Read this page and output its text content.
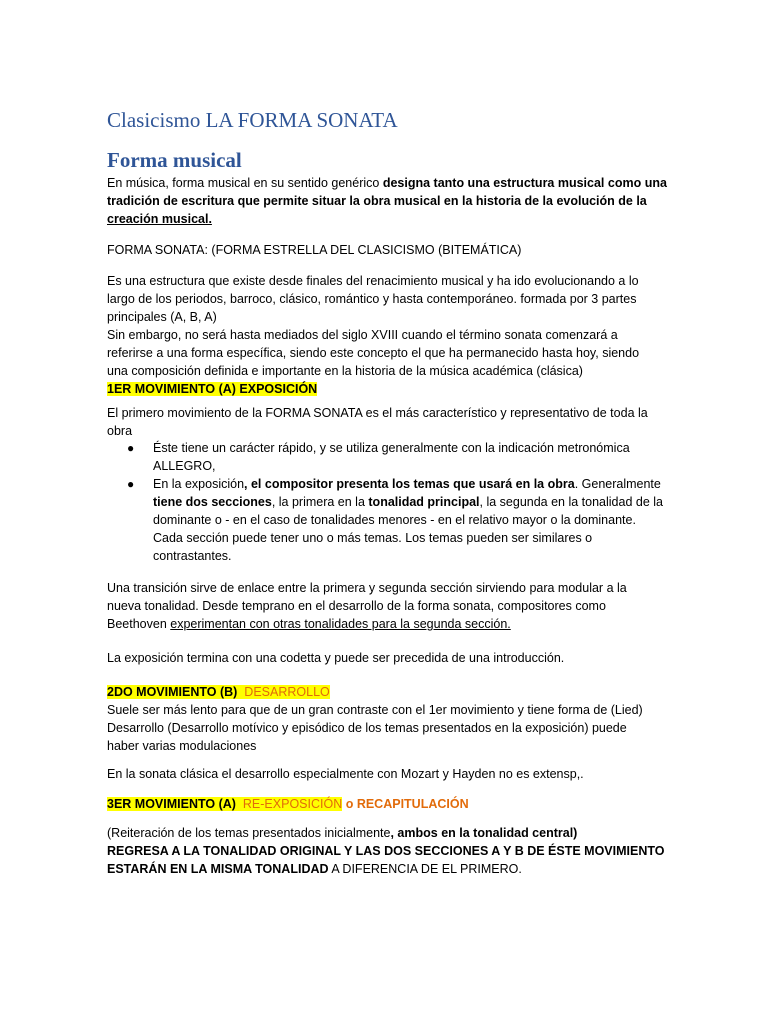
Clasicismo LA FORMA SONATA
Forma musical
En música, forma musical en su sentido genérico designa tanto una estructura musical como una
tradición de escritura que permite situar la obra musical en la historia de la evolución de la
creación musical.
FORMA SONATA: (FORMA ESTRELLA DEL CLASICISMO (BITEMÁTICA)
Es una estructura que existe desde finales del renacimiento musical y ha ido evolucionando a lo
largo de los periodos, barroco, clásico, romántico y hasta contemporáneo. formada por 3 partes
principales (A, B, A)
Sin embargo, no será hasta mediados del siglo XVIII cuando el término sonata comenzará a
referirse a una forma específica, siendo este concepto el que ha permanecido hasta hoy, siendo
una composición definida e importante en la historia de la música académica (clásica)
1ER MOVIMIENTO (A) EXPOSICIÓN
El primero movimiento de la FORMA SONATA es el más característico y representativo de toda la
obra
● Éste tiene un carácter rápido, y se utiliza generalmente con la indicación metronómica
ALLEGRO,
● En la exposición, el compositor presenta los temas que usará en la obra. Generalmente
tiene dos secciones, la primera en la tonalidad principal, la segunda en la tonalidad de la
dominante o - en el caso de tonalidades menores - en el relativo mayor o la dominante.
Cada sección puede tener uno o más temas. Los temas pueden ser similares o
contrastantes.
Una transición sirve de enlace entre la primera y segunda sección sirviendo para modular a la
nueva tonalidad. Desde temprano en el desarrollo de la forma sonata, compositores como
Beethoven experimentan con otras tonalidades para la segunda sección.
La exposición termina con una codetta y puede ser precedida de una introducción.
2DO MOVIMIENTO (B) DESARROLLO
Suele ser más lento para que de un gran contraste con el 1er movimiento y tiene forma de (Lied)
Desarrollo (Desarrollo motívico y episódico de los temas presentados en la exposición) puede
haber varias modulaciones
En la sonata clásica el desarrollo especialmente con Mozart y Hayden no es extensp,.
3ER MOVIMIENTO (A) RE-EXPOSICIÓN o RECAPITULACIÓN
(Reiteración de los temas presentados inicialmente, ambos en la tonalidad central)
REGRESA A LA TONALIDAD ORIGINAL Y LAS DOS SECCIONES A Y B DE ÉSTE MOVIMIENTO
ESTARÁN EN LA MISMA TONALIDAD A DIFERENCIA DE EL PRIMERO.
